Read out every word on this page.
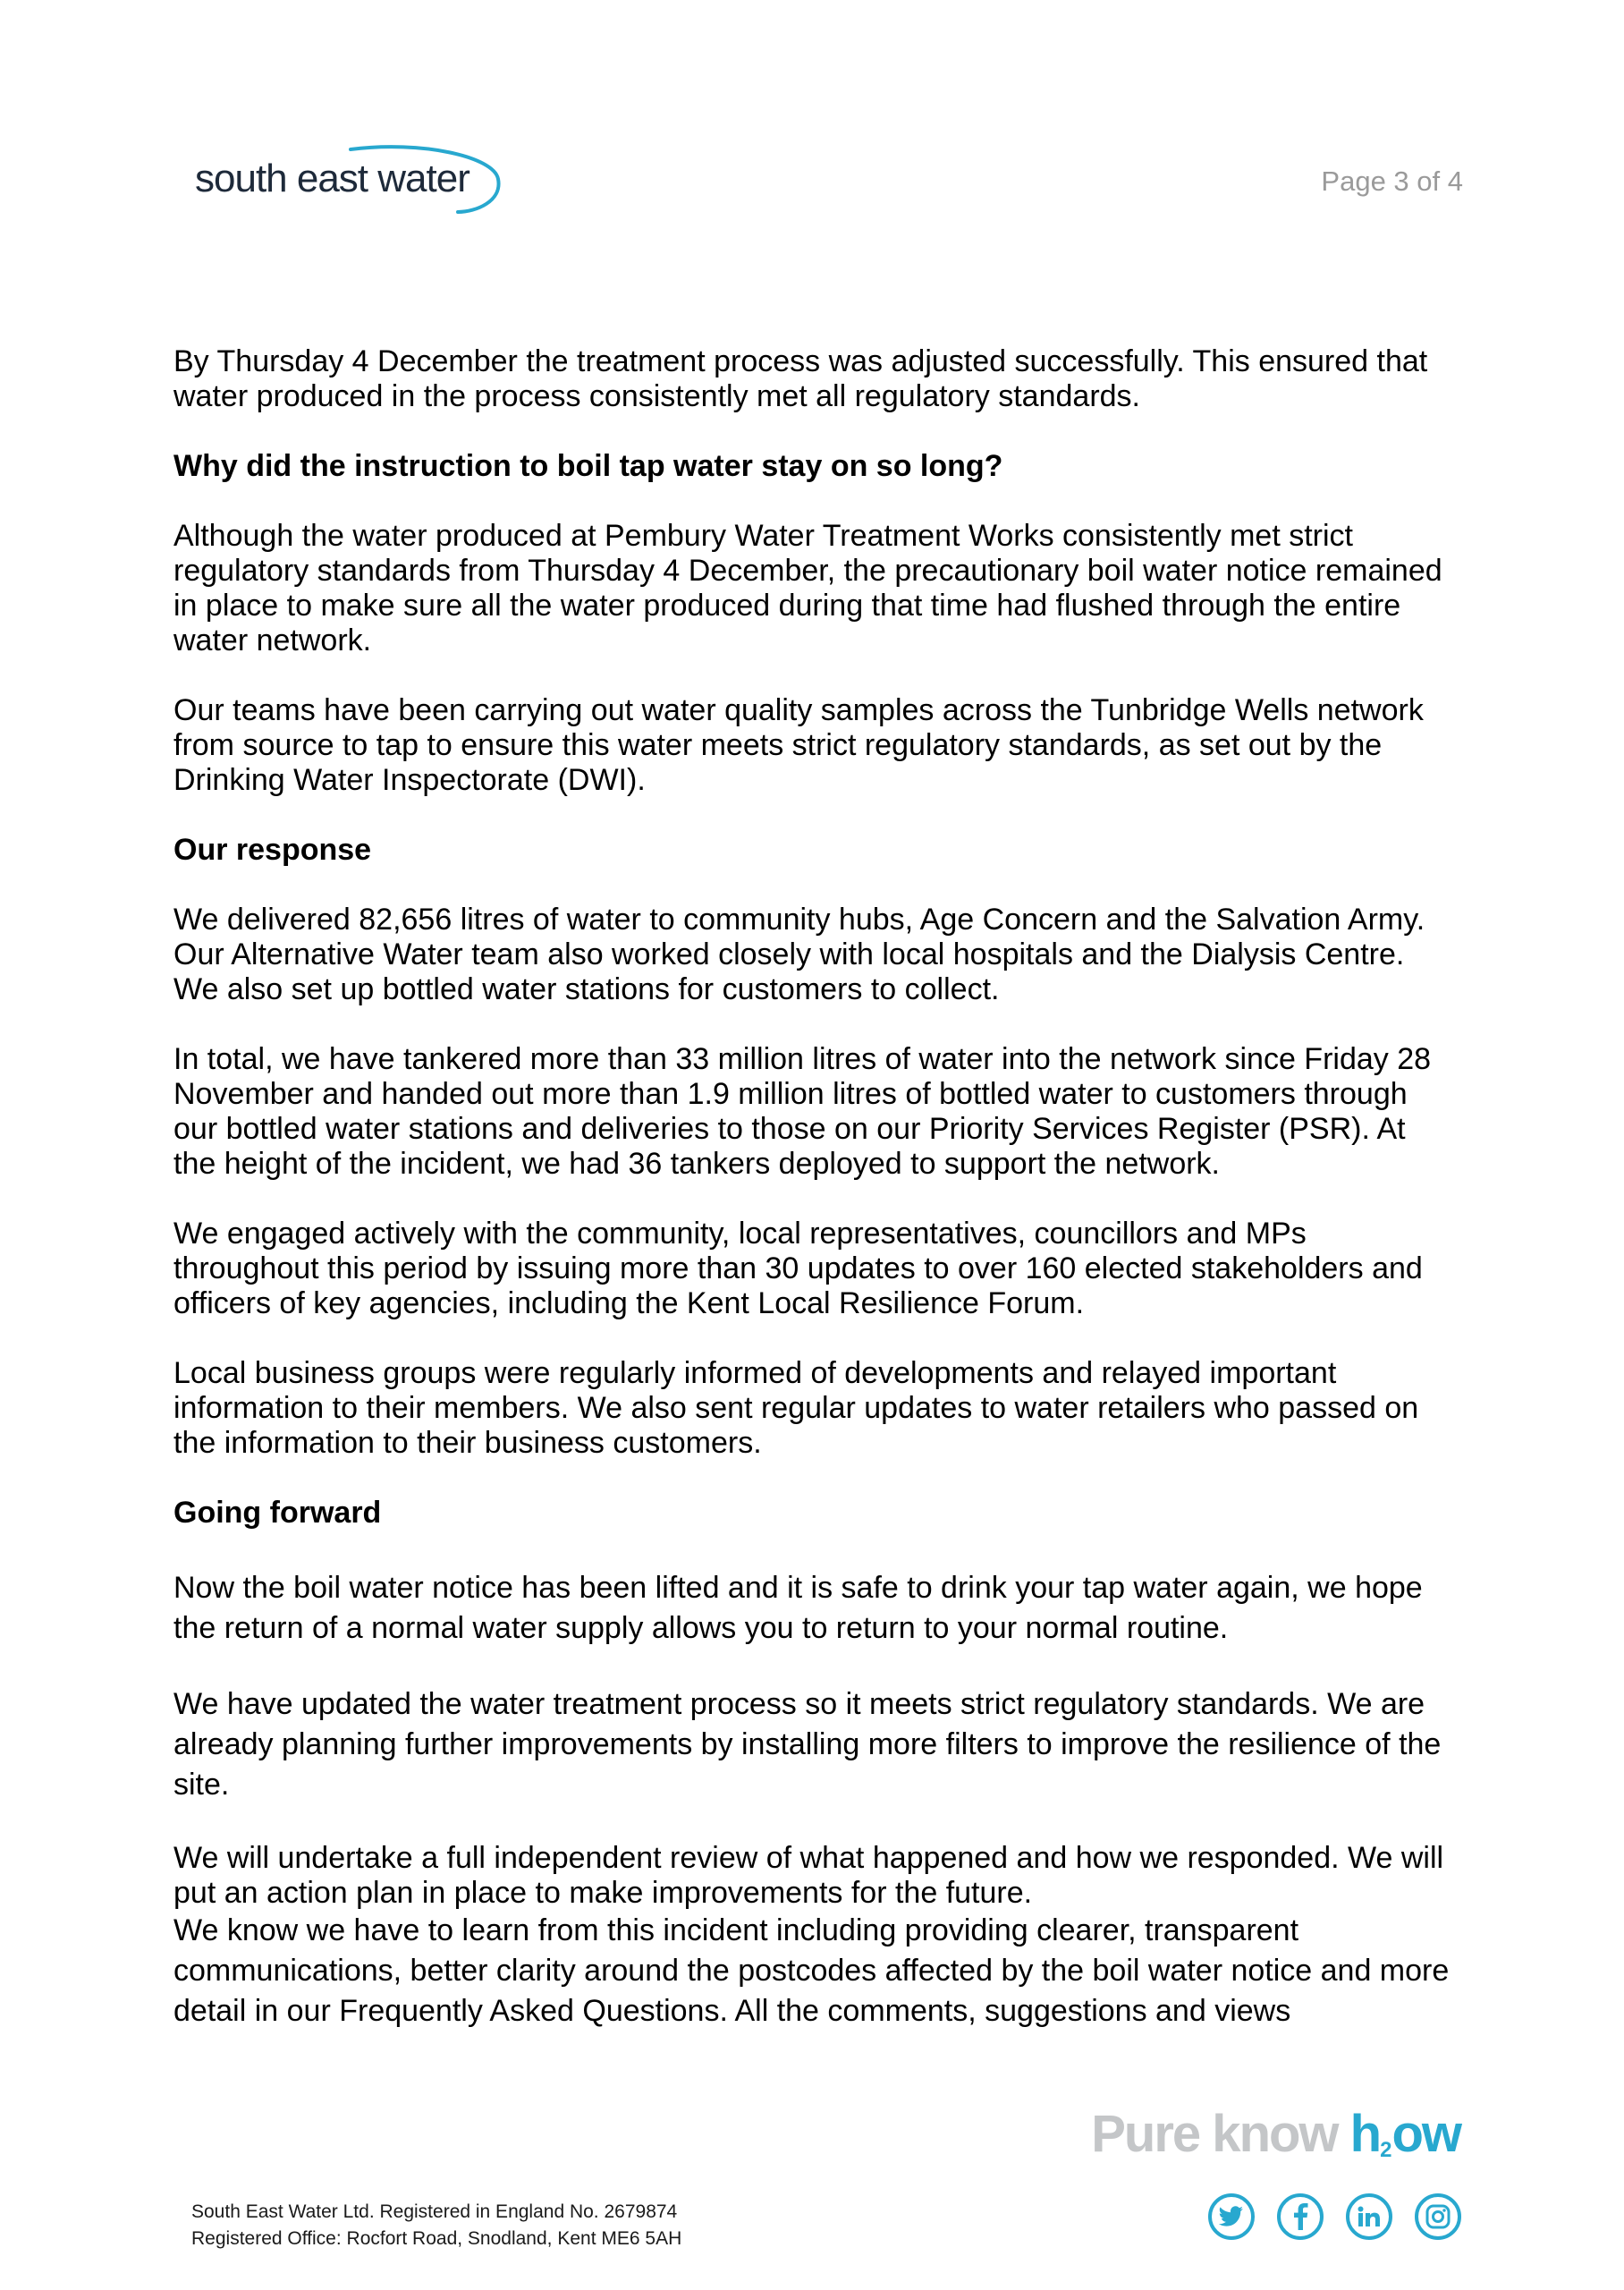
south east water	Page 3 of 4

By Thursday 4 December the treatment process was adjusted successfully. This ensured that water produced in the process consistently met all regulatory standards.

Why did the instruction to boil tap water stay on so long?

Although the water produced at Pembury Water Treatment Works consistently met strict regulatory standards from Thursday 4 December, the precautionary boil water notice remained in place to make sure all the water produced during that time had flushed through the entire water network.

Our teams have been carrying out water quality samples across the Tunbridge Wells network from source to tap to ensure this water meets strict regulatory standards, as set out by the Drinking Water Inspectorate (DWI).

Our response

We delivered 82,656 litres of water to community hubs, Age Concern and the Salvation Army. Our Alternative Water team also worked closely with local hospitals and the Dialysis Centre. We also set up bottled water stations for customers to collect.

In total, we have tankered more than 33 million litres of water into the network since Friday 28 November and handed out more than 1.9 million litres of bottled water to customers through our bottled water stations and deliveries to those on our Priority Services Register (PSR). At the height of the incident, we had 36 tankers deployed to support the network.

We engaged actively with the community, local representatives, councillors and MPs throughout this period by issuing more than 30 updates to over 160 elected stakeholders and officers of key agencies, including the Kent Local Resilience Forum.

Local business groups were regularly informed of developments and relayed important information to their members. We also sent regular updates to water retailers who passed on the information to their business customers.

Going forward

Now the boil water notice has been lifted and it is safe to drink your tap water again, we hope the return of a normal water supply allows you to return to your normal routine.

We have updated the water treatment process so it meets strict regulatory standards. We are already planning further improvements by installing more filters to improve the resilience of the site.

We will undertake a full independent review of what happened and how we responded. We will put an action plan in place to make improvements for the future.

We know we have to learn from this incident including providing clearer, transparent communications, better clarity around the postcodes affected by the boil water notice and more detail in our Frequently Asked Questions. All the comments, suggestions and views

Pure know $h_2ow$
South East Water Ltd. Registered in England No. 2679874
Registered Office: Rocfort Road, Snodland, Kent ME6 5AH
